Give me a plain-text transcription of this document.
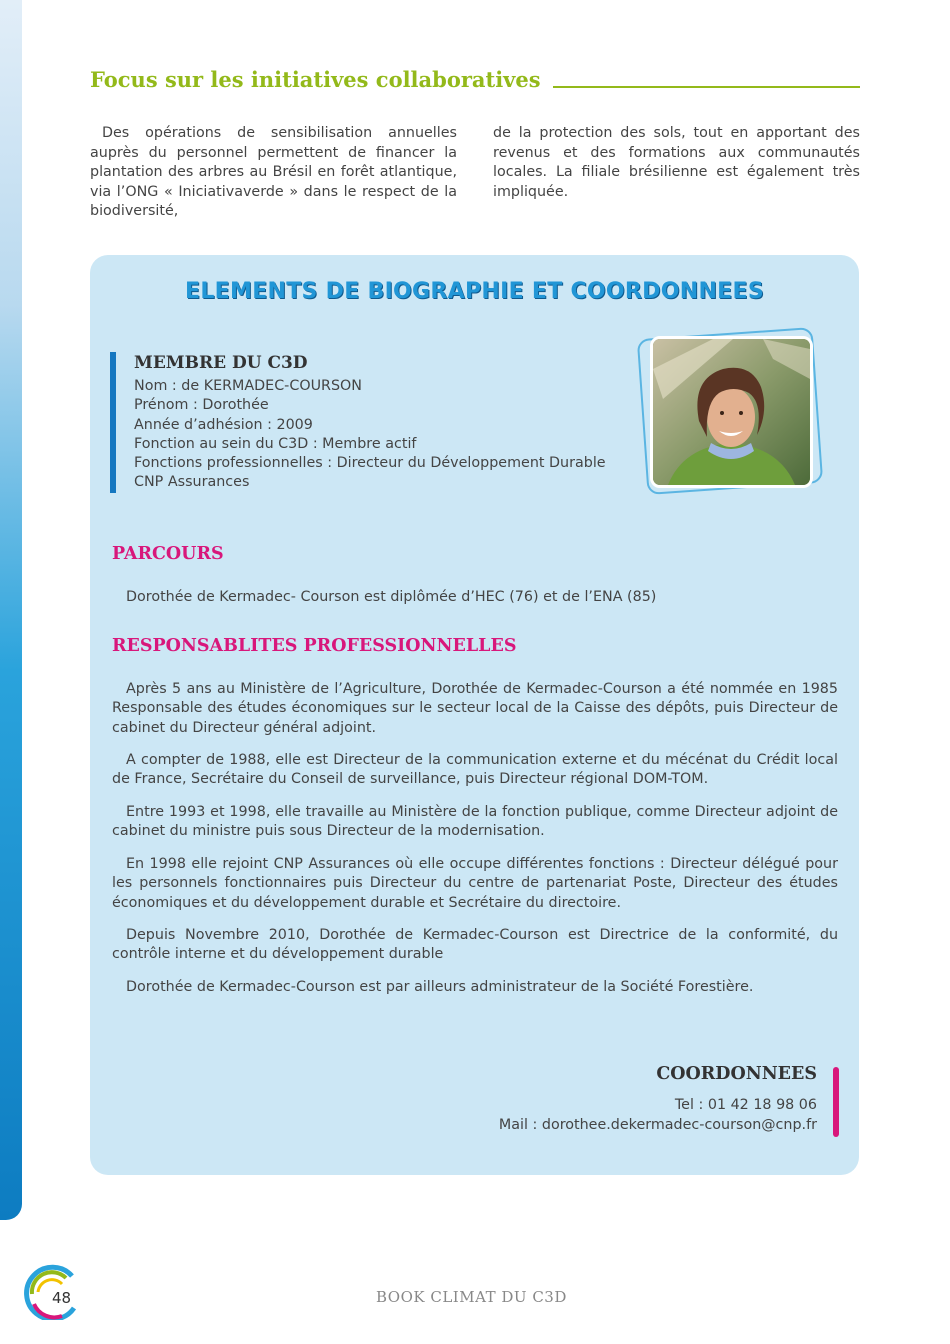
Focus sur les initiatives collaboratives

Des opérations de sensibilisation annuelles auprès du personnel permettent de financer la plantation des arbres au Brésil en forêt atlantique, via l’ONG « Iniciativaverde » dans le respect de la biodiversité,

de la protection des sols, tout en apportant des revenus et des formations aux communautés locales. La filiale brésilienne est également très impliquée.

ELEMENTS DE BIOGRAPHIE ET COORDONNEES
MEMBRE DU C3D
Nom : de KERMADEC-COURSON
Prénom : Dorothée
Année d’adhésion : 2009
Fonction au sein du C3D : Membre actif
Fonctions professionnelles : Directeur du Développement Durable
CNP Assurances
PARCOURS

Dorothée de Kermadec- Courson est diplômée d’HEC (76) et de l’ENA (85)

RESPONSABLITES PROFESSIONNELLES

Après 5 ans au Ministère de l’Agriculture, Dorothée de Kermadec-Courson a été nommée en 1985 Responsable des études économiques sur le secteur local de la Caisse des dépôts, puis Directeur de cabinet du Directeur général adjoint.

A compter de 1988, elle est Directeur de la communication externe et du mécénat du Crédit local de France, Secrétaire du Conseil de surveillance, puis Directeur régional DOM-TOM.

Entre 1993 et 1998, elle travaille au Ministère de la fonction publique, comme Directeur adjoint de cabinet du ministre puis sous Directeur de la modernisation.

En 1998 elle rejoint CNP Assurances où elle occupe différentes fonctions : Directeur délégué pour les personnels fonctionnaires puis Directeur du centre de partenariat Poste, Directeur des études économiques et du développement durable et Secrétaire du directoire.

Depuis Novembre 2010, Dorothée de Kermadec-Courson est Directrice de la conformité, du contrôle interne et du développement durable

Dorothée de Kermadec-Courson est par ailleurs administrateur de la Société Forestière.

COORDONNEES
Tel : 01 42 18 98 06
Mail : dorothee.dekermadec-courson@cnp.fr
48	BOOK CLIMAT DU C3D
